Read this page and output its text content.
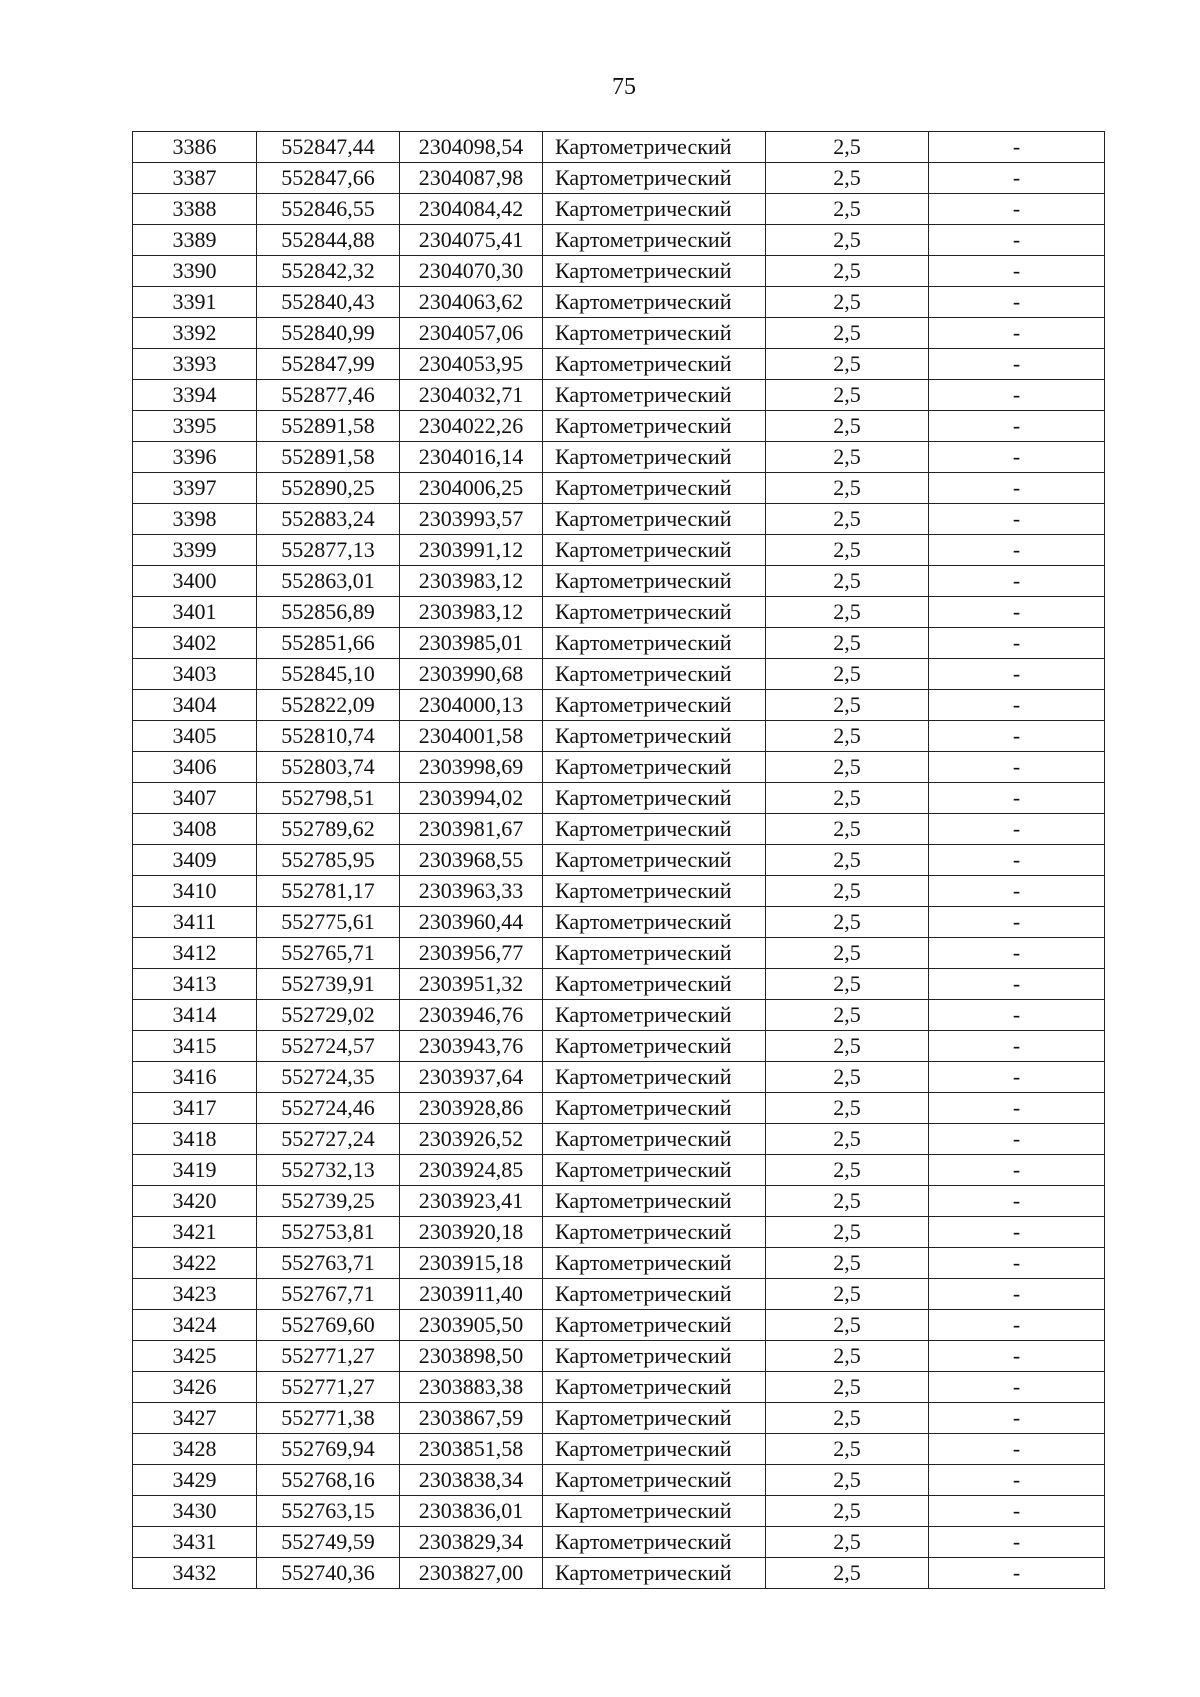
75
3386	552847,44	2304098,54	Картометрический	2,5	-
3387	552847,66	2304087,98	Картометрический	2,5	-
3388	552846,55	2304084,42	Картометрический	2,5	-
3389	552844,88	2304075,41	Картометрический	2,5	-
3390	552842,32	2304070,30	Картометрический	2,5	-
3391	552840,43	2304063,62	Картометрический	2,5	-
3392	552840,99	2304057,06	Картометрический	2,5	-
3393	552847,99	2304053,95	Картометрический	2,5	-
3394	552877,46	2304032,71	Картометрический	2,5	-
3395	552891,58	2304022,26	Картометрический	2,5	-
3396	552891,58	2304016,14	Картометрический	2,5	-
3397	552890,25	2304006,25	Картометрический	2,5	-
3398	552883,24	2303993,57	Картометрический	2,5	-
3399	552877,13	2303991,12	Картометрический	2,5	-
3400	552863,01	2303983,12	Картометрический	2,5	-
3401	552856,89	2303983,12	Картометрический	2,5	-
3402	552851,66	2303985,01	Картометрический	2,5	-
3403	552845,10	2303990,68	Картометрический	2,5	-
3404	552822,09	2304000,13	Картометрический	2,5	-
3405	552810,74	2304001,58	Картометрический	2,5	-
3406	552803,74	2303998,69	Картометрический	2,5	-
3407	552798,51	2303994,02	Картометрический	2,5	-
3408	552789,62	2303981,67	Картометрический	2,5	-
3409	552785,95	2303968,55	Картометрический	2,5	-
3410	552781,17	2303963,33	Картометрический	2,5	-
3411	552775,61	2303960,44	Картометрический	2,5	-
3412	552765,71	2303956,77	Картометрический	2,5	-
3413	552739,91	2303951,32	Картометрический	2,5	-
3414	552729,02	2303946,76	Картометрический	2,5	-
3415	552724,57	2303943,76	Картометрический	2,5	-
3416	552724,35	2303937,64	Картометрический	2,5	-
3417	552724,46	2303928,86	Картометрический	2,5	-
3418	552727,24	2303926,52	Картометрический	2,5	-
3419	552732,13	2303924,85	Картометрический	2,5	-
3420	552739,25	2303923,41	Картометрический	2,5	-
3421	552753,81	2303920,18	Картометрический	2,5	-
3422	552763,71	2303915,18	Картометрический	2,5	-
3423	552767,71	2303911,40	Картометрический	2,5	-
3424	552769,60	2303905,50	Картометрический	2,5	-
3425	552771,27	2303898,50	Картометрический	2,5	-
3426	552771,27	2303883,38	Картометрический	2,5	-
3427	552771,38	2303867,59	Картометрический	2,5	-
3428	552769,94	2303851,58	Картометрический	2,5	-
3429	552768,16	2303838,34	Картометрический	2,5	-
3430	552763,15	2303836,01	Картометрический	2,5	-
3431	552749,59	2303829,34	Картометрический	2,5	-
3432	552740,36	2303827,00	Картометрический	2,5	-
